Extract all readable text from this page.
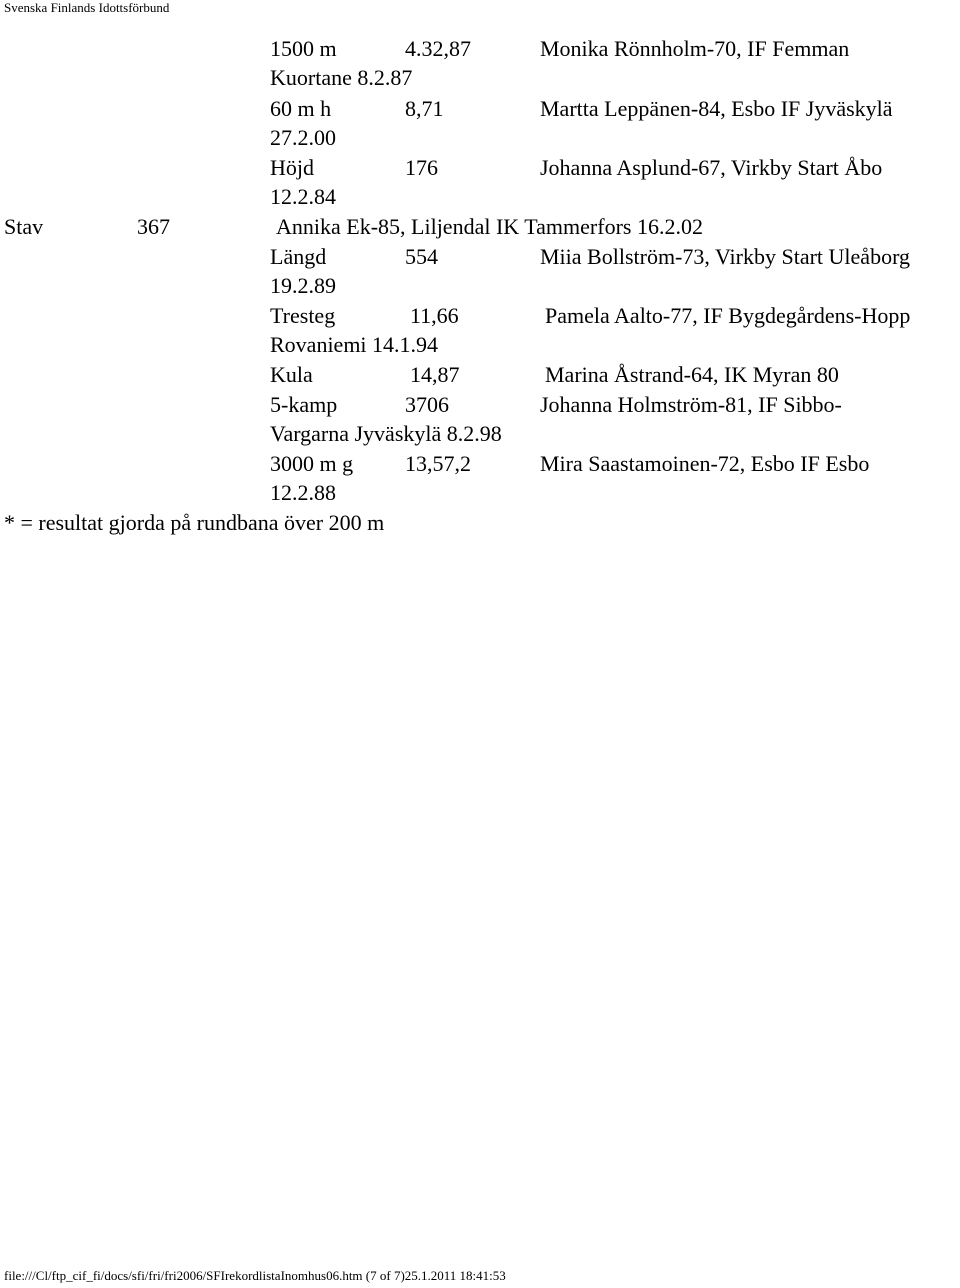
Svenska Finlands Idottsförbund
1500 m	4.32,87	Monika Rönnholm-70, IF Femman
Kuortane 8.2.87
60 m h	8,71	Martta Leppänen-84, Esbo IF Jyväskylä
27.2.00
Höjd	176	Johanna Asplund-67, Virkby Start Åbo
12.2.84
Stav	367	Annika Ek-85, Liljendal IK Tammerfors 16.2.02
Längd	554	Miia Bollström-73, Virkby Start Uleåborg
19.2.89
Tresteg	11,66	Pamela Aalto-77, IF Bygdegårdens-Hopp
Rovaniemi 14.1.94
Kula	14,87	Marina Åstrand-64, IK Myran 80
5-kamp	3706	Johanna Holmström-81, IF Sibbo-
Vargarna Jyväskylä 8.2.98
3000 m g 13,57,2	Mira Saastamoinen-72, Esbo IF Esbo
12.2.88
* = resultat gjorda på rundbana över 200 m
file:///Cl/ftp_cif_fi/docs/sfi/fri/fri2006/SFIrekordlistaInomhus06.htm (7 of 7)25.1.2011 18:41:53
